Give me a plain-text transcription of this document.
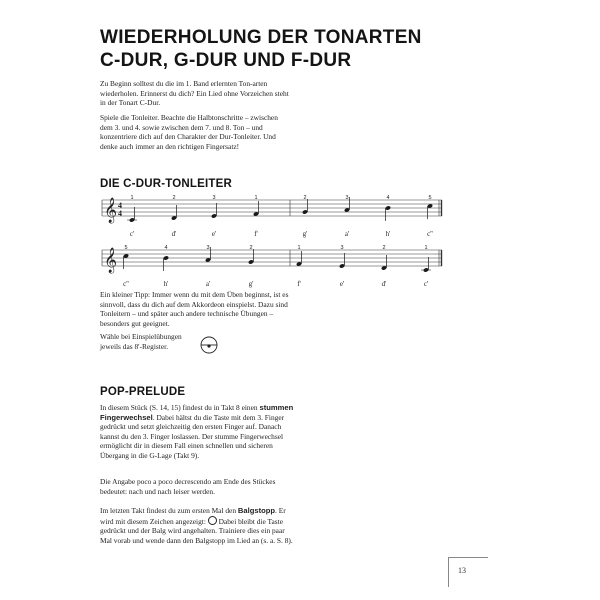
WIEDERHOLUNG DER TONARTEN
C-DUR, G-DUR UND F-DUR

Zu Beginn solltest du die im 1. Band erlernten Ton-arten wiederholen. Erinnerst du dich? Ein Lied ohne Vorzeichen steht in der Tonart C-Dur.

Spiele die Tonleiter. Beachte die Halbtonschritte – zwischen dem 3. und 4. sowie zwischen dem 7. und 8. Ton – und konzentriere dich auf den Charakter der Dur-Tonleiter. Und denke auch immer an den richtigen Fingersatz!

DIE C-DUR-TONLEITER
𝄞 4
4
1
c'
2
d'
3
e'
1
f'
2
g'
3
a'
4
h'
5
c''
𝄞 5
c''
4
h'
3
a'
2
g'
1
f'
3
e'
2
d'
1
c'

Ein kleiner Tipp: Immer wenn du mit dem Üben beginnst, ist es sinnvoll, dass du dich auf dem Akkordeon einspielst. Dazu sind Tonleitern – und später auch andere technische Übungen – besonders gut geeignet.

Wähle bei Einspielübungen jeweils das 8'-Register.

POP-PRELUDE

In diesem Stück (S. 14, 15) findest du in Takt 8 einen stummen Fingerwechsel. Dabei hältst du die Taste mit dem 3. Finger gedrückt und setzt gleichzeitig den ersten Finger auf. Danach kannst du den 3. Finger loslassen. Der stumme Fingerwechsel ermöglicht dir in diesem Fall einen schnellen und sicheren Übergang in die G-Lage (Takt 9).

Die Angabe poco a poco decrescendo am Ende des Stückes bedeutet: nach und nach leiser werden.

Im letzten Takt findest du zum ersten Mal den Balgstopp. Er wird mit diesem Zeichen angezeigt:  Dabei bleibt die Taste gedrückt und der Balg wird angehalten. Trainiere dies ein paar Mal vorab und wende dann den Balgstopp im Lied an (s. a. S. 8).

13
